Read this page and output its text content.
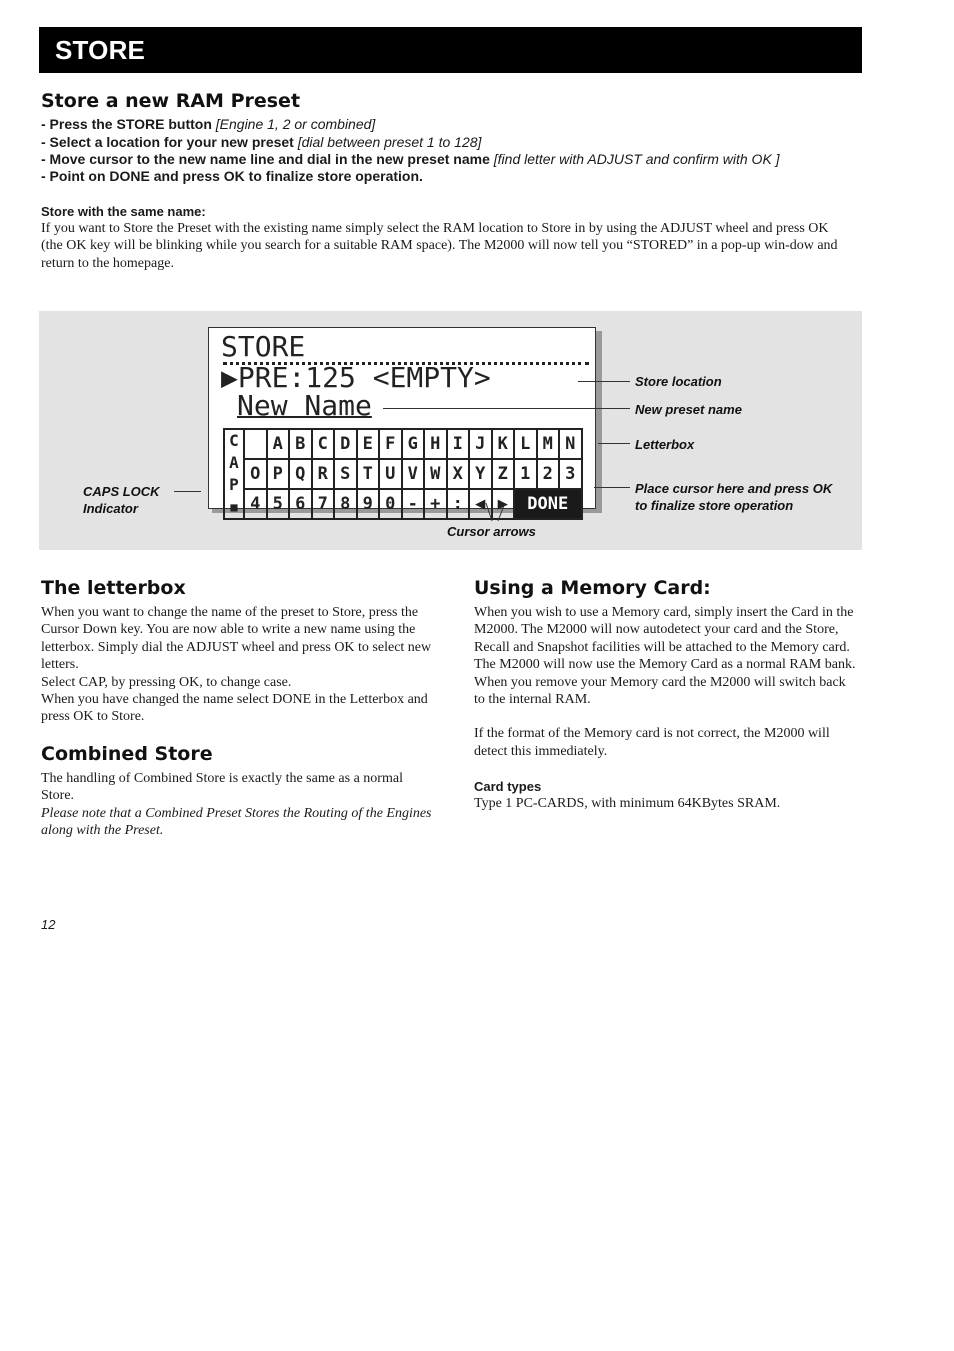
STORE
Store a new RAM Preset
- Press the STORE button [Engine 1, 2 or combined]
- Select a location for your new preset [dial between preset 1 to 128]
- Move cursor to the new name line and dial in the new preset name [find letter with ADJUST and confirm with OK ]
- Point on DONE and press OK to finalize store operation.
Store with the same name:
If you want to Store the Preset with the existing name simply select the RAM location to Store in by using the ADJUST wheel and press OK (the OK key will be blinking while you search for a suitable RAM space). The M2000 will now tell you “STORED” in a pop-up win-dow and return to the homepage.
STORE
▶PRE:125 <EMPTY>
New Name
C
A
P
■		A	B	C	D	E	F	G	H	I	J	K	L	M	N
	O	P	Q	R	S	T	U	V	W	X	Y	Z	1	2	3
	4	5	6	7	8	9	0	-	+	:	◀	▶	DONE		
Store location
New preset name
Letterbox
Place cursor here and press OK
to finalize store operation
CAPS LOCK
Indicator
Cursor arrows
The letterbox
When you want to change the name of the preset to Store, press the Cursor Down key. You are now able to write a new name using the letterbox. Simply dial the ADJUST wheel and press OK to select new letters.
Select CAP, by pressing OK, to change case.
When you have changed the name select DONE in the Letterbox and press OK to Store.
Combined Store
The handling of Combined Store is exactly the same as a normal Store.
Please note that a Combined Preset Stores the Routing of the Engines along with the Preset.
Using a Memory Card:
When you wish to use a Memory card, simply insert the Card in the M2000. The M2000 will now autodetect your card and the Store, Recall and Snapshot facilities will be attached to the Memory card. The M2000 will now use the Memory Card as a normal RAM bank. When you remove your Memory card the M2000 will switch back to the internal RAM.
If the format of the Memory card is not correct, the M2000 will detect this immediately.
Card types
Type 1 PC-CARDS, with minimum 64KBytes SRAM.
12
